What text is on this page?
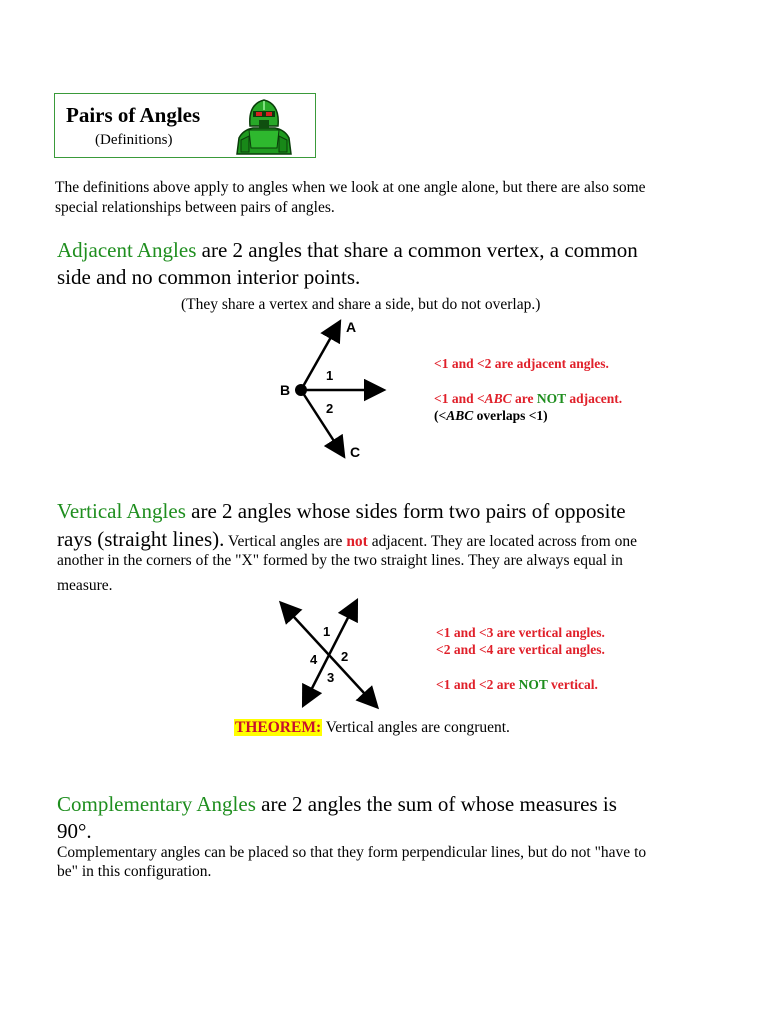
Pairs of Angles
(Definitions)
The definitions above apply to angles when we look at one angle alone, but there are also some
special relationships between pairs of angles.
Adjacent Angles are 2 angles that share a common vertex, a common
side and no common interior points.
(They share a vertex and share a side, but do not overlap.)
A
B
C
1
2
<1 and <2 are adjacent angles.
<1 and <ABC are NOT adjacent.
(<ABC overlaps <1)
Vertical Angles are 2 angles whose sides form two pairs of opposite
rays (straight lines). Vertical angles are not adjacent. They are located across from one
another in the corners of the "X" formed by the two straight lines. They are always equal in
measure.
1
2
3
4
<1 and <3 are vertical angles.
<2 and <4 are vertical angles.
<1 and <2 are NOT vertical.
THEOREM: Vertical angles are congruent.
Complementary Angles are 2 angles the sum of whose measures is
90°.
Complementary angles can be placed so that they form perpendicular lines, but do not "have to
be" in this configuration.
